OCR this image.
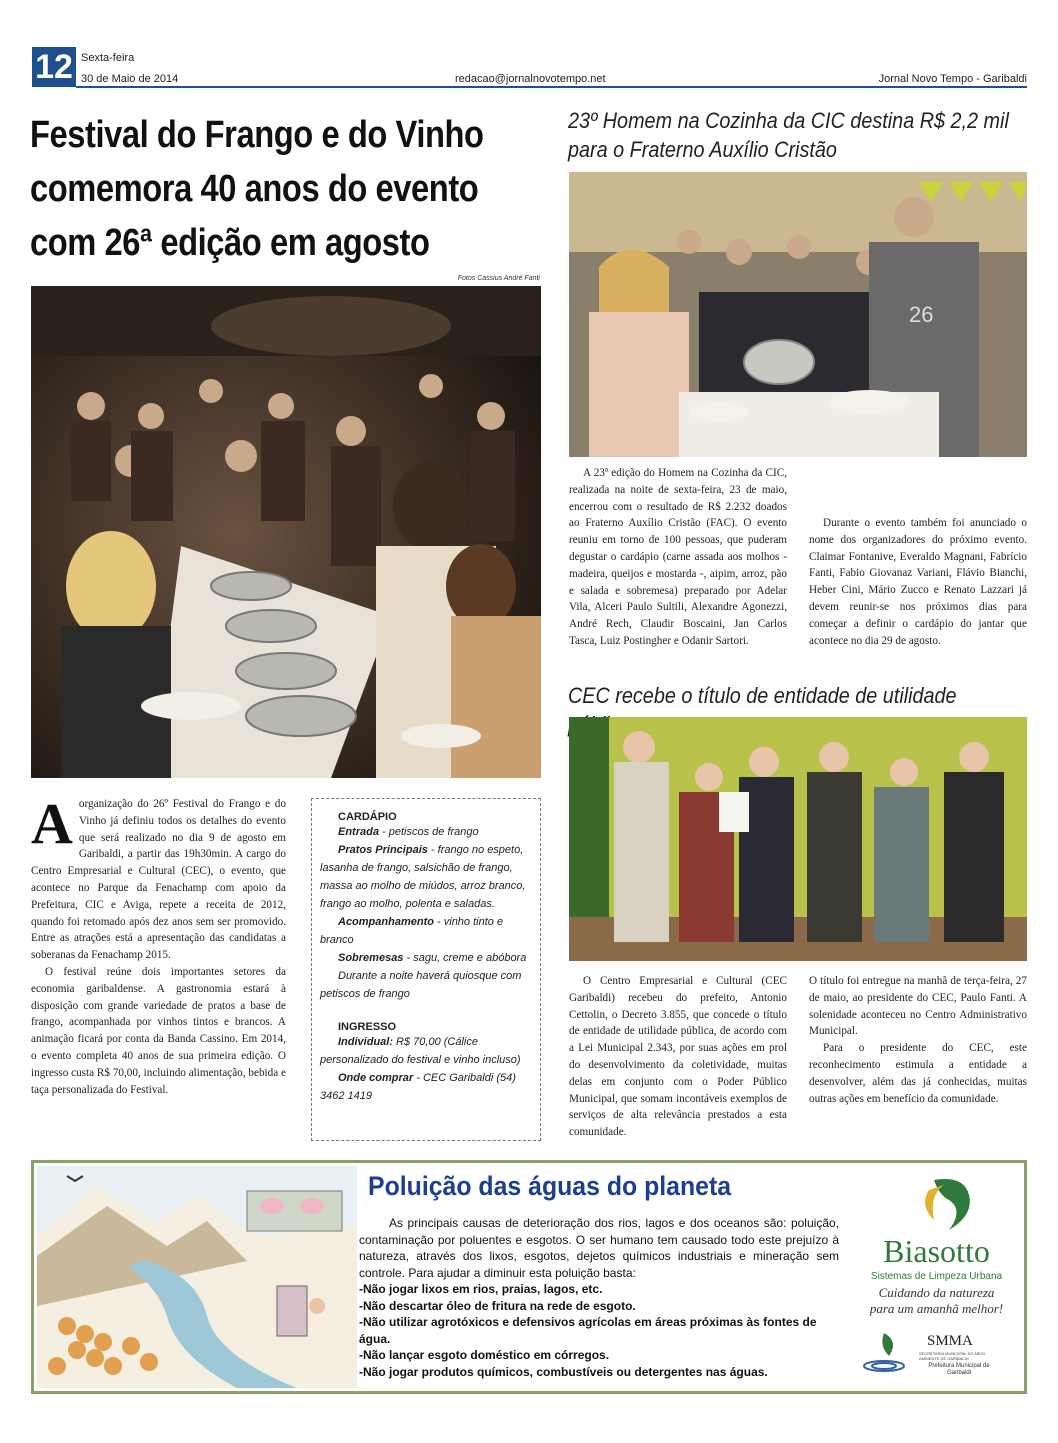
12 Sexta-feira
30 de Maio de 2014	redacao@jornalnovotempo.net	Jornal Novo Tempo - Garibaldi
Festival do Frango e do Vinho comemora 40 anos do evento com 26ª edição em agosto
Fotos Cassius André Fanti

Aorganização do 26º Festival do Frango e do Vinho já definiu todos os detalhes do evento que será realizado no dia 9 de agosto em Garibaldi, a partir das 19h30min. A cargo do Centro Empresarial e Cultural (CEC), o evento, que acontece no Parque da Fenachamp com apoio da Prefeitura, CIC e Aviga, repete a receita de 2012, quando foi retomado após dez anos sem ser promovido. Entre as atrações está a apresentação das candidatas a soberanas da Fenachamp 2015.

O festival reúne dois importantes setores da economia garibaldense. A gastronomia estará à disposição com grande variedade de pratos a base de frango, acompanhada por vinhos tintos e brancos. A animação ficará por conta da Banda Cassino. Em 2014, o evento completa 40 anos de sua primeira edição. O ingresso custa R$ 70,00, incluindo alimentação, bebida e taça personalizada do Festival.

CARDÁPIO
Entrada - petiscos de frango
Pratos Principais - frango no espeto, lasanha de frango, salsichão de frango, massa ao molho de miúdos, arroz branco, frango ao molho, polenta e saladas.
Acompanhamento - vinho tinto e branco
Sobremesas - sagu, creme e abóbora
Durante a noite haverá quiosque com petiscos de frango
INGRESSO
Individual: R$ 70,00 (Cálice personalizado do festival e vinho incluso)
Onde comprar - CEC Garibaldi (54) 3462 1419
23º Homem na Cozinha da CIC destina R$ 2,2 mil para o Fraterno Auxílio Cristão
26

A 23ª edição do Homem na Cozinha da CIC, realizada na noite de sexta-feira, 23 de maio, encerrou com o resultado de R$ 2.232 doados ao Fraterno Auxílio Cristão (FAC). O evento reuniu em torno de 100 pessoas, que puderam degustar o cardápio (carne assada aos molhos - madeira, queijos e mostarda -, aipim, arroz, pão e salada e sobremesa) preparado por Adelar Vila, Alceri Paulo Sultili, Alexandre Agonezzi, André Rech, Claudir Boscaini, Jan Carlos Tasca, Luiz Postingher e Odanir Sartori.

Durante o evento também foi anunciado o nome dos organizadores do próximo evento. Claimar Fontanive, Everaldo Magnani, Fabrício Fanti, Fabio Giovanaz Variani, Flávio Bianchi, Heber Cini, Mário Zucco e Renato Lazzari já devem reunir-se nos próximos dias para começar a definir o cardápio do jantar que acontece no dia 29 de agosto.

CEC recebe o título de entidade de utilidade

O Centro Empresarial e Cultural (CEC Garibaldi) recebeu do prefeito, Antonio Cettolin, o Decreto 3.855, que concede o título de entidade de utilidade pública, de acordo com a Lei Municipal 2.343, por suas ações em prol do desenvolvimento da coletividade, muitas delas em conjunto com o Poder Público Municipal, que somam incontáveis exemplos de serviços de alta relevância prestados a esta comunidade.

O título foi entregue na manhã de terça-feira, 27 de maio, ao presidente do CEC, Paulo Fanti. A solenidade aconteceu no Centro Administrativo Municipal.

Para o presidente do CEC, este reconhecimento estimula a entidade a desenvolver, além das já conhecidas, muitas outras ações em benefício da comunidade.

Poluição das águas do planeta
As principais causas de deterioração dos rios, lagos e dos oceanos são: poluição, contaminação por poluentes e esgotos. O ser humano tem causado todo este prejuízo à natureza, através dos lixos, esgotos, dejetos químicos industriais e mineração sem controle. Para ajudar a diminuir esta poluição basta:
-Não jogar lixos em rios, praias, lagos, etc.
-Não descartar óleo de fritura na rede de esgoto.
-Não utilizar agrotóxicos e defensivos agrícolas em áreas próximas às fontes de água.
-Não lançar esgoto doméstico em córregos.
-Não jogar produtos químicos, combustíveis ou detergentes nas águas.
Biasotto
Sistemas de Limpeza Urbana
Cuidando da natureza
para um amanhã melhor!
SMMA
SECRETARIA MUNICIPAL DO MEIO AMBIENTE DE GARIBALDI
Prefeitura Municipal de Garibaldi
